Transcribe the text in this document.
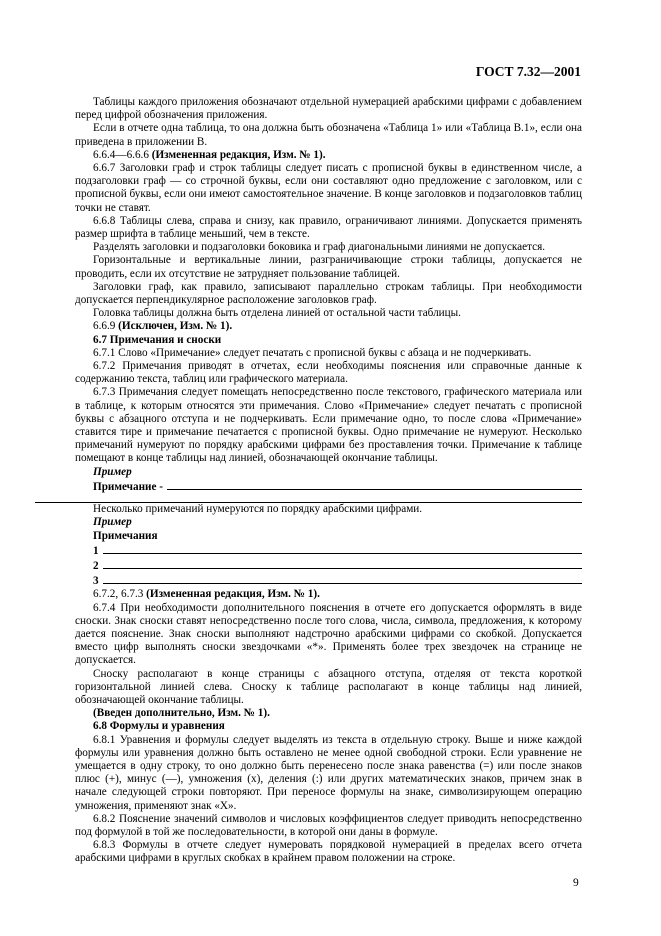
ГОСТ 7.32—2001

Таблицы каждого приложения обозначают отдельной нумерацией арабскими цифрами с добавлением перед цифрой обозначения приложения.

Если в отчете одна таблица, то она должна быть обозначена «Таблица 1» или «Таблица В.1», если она приведена в приложении В.

6.6.4—6.6.6 (Измененная редакция, Изм. № 1).

6.6.7 Заголовки граф и строк таблицы следует писать с прописной буквы в единственном числе, а подзаголовки граф — со строчной буквы, если они составляют одно предложение с заголовком, или с прописной буквы, если они имеют самостоятельное значение. В конце заголовков и подзаголовков таблиц точки не ставят.

6.6.8 Таблицы слева, справа и снизу, как правило, ограничивают линиями. Допускается применять размер шрифта в таблице меньший, чем в тексте.

Разделять заголовки и подзаголовки боковика и граф диагональными линиями не допускается.

Горизонтальные и вертикальные линии, разграничивающие строки таблицы, допускается не проводить, если их отсутствие не затрудняет пользование таблицей.

Заголовки граф, как правило, записывают параллельно строкам таблицы. При необходимости допускается перпендикулярное расположение заголовков граф.

Головка таблицы должна быть отделена линией от остальной части таблицы.

6.6.9 (Исключен, Изм. № 1).

6.7 Примечания и сноски

6.7.1 Слово «Примечание» следует печатать с прописной буквы с абзаца и не подчеркивать.

6.7.2 Примечания приводят в отчетах, если необходимы пояснения или справочные данные к содержанию текста, таблиц или графического материала.

6.7.3 Примечания следует помещать непосредственно после текстового, графического материала или в таблице, к которым относятся эти примечания. Слово «Примечание» следует печатать с прописной буквы с абзацного отступа и не подчеркивать. Если примечание одно, то после слова «Примечание» ставится тире и примечание печатается с прописной буквы. Одно примечание не нумеруют. Несколько примечаний нумеруют по порядку арабскими цифрами без проставления точки. Примечание к таблице помещают в конце таблицы над линией, обозначающей окончание таблицы.

Пример

Примечание -

Несколько примечаний нумеруются по порядку арабскими цифрами.

Пример

Примечания

1
2
3

6.7.2, 6.7.3 (Измененная редакция, Изм. № 1).

6.7.4 При необходимости дополнительного пояснения в отчете его допускается оформлять в виде сноски. Знак сноски ставят непосредственно после того слова, числа, символа, предложения, к которому дается пояснение. Знак сноски выполняют надстрочно арабскими цифрами со скобкой. Допускается вместо цифр выполнять сноски звездочками «*». Применять более трех звездочек на странице не допускается.

Сноску располагают в конце страницы с абзацного отступа, отделяя от текста короткой горизонтальной линией слева. Сноску к таблице располагают в конце таблицы над линией, обозначающей окончание таблицы.

(Введен дополнительно, Изм. № 1).

6.8 Формулы и уравнения

6.8.1 Уравнения и формулы следует выделять из текста в отдельную строку. Выше и ниже каждой формулы или уравнения должно быть оставлено не менее одной свободной строки. Если уравнение не умещается в одну строку, то оно должно быть перенесено после знака равенства (=) или после знаков плюс (+), минус (—), умножения (х), деления (:) или других математических знаков, причем знак в начале следующей строки повторяют. При переносе формулы на знаке, символизирующем операцию умножения, применяют знак «X».

6.8.2 Пояснение значений символов и числовых коэффициентов следует приводить непосредственно под формулой в той же последовательности, в которой они даны в формуле.

6.8.3 Формулы в отчете следует нумеровать порядковой нумерацией в пределах всего отчета арабскими цифрами в круглых скобках в крайнем правом положении на строке.

9
